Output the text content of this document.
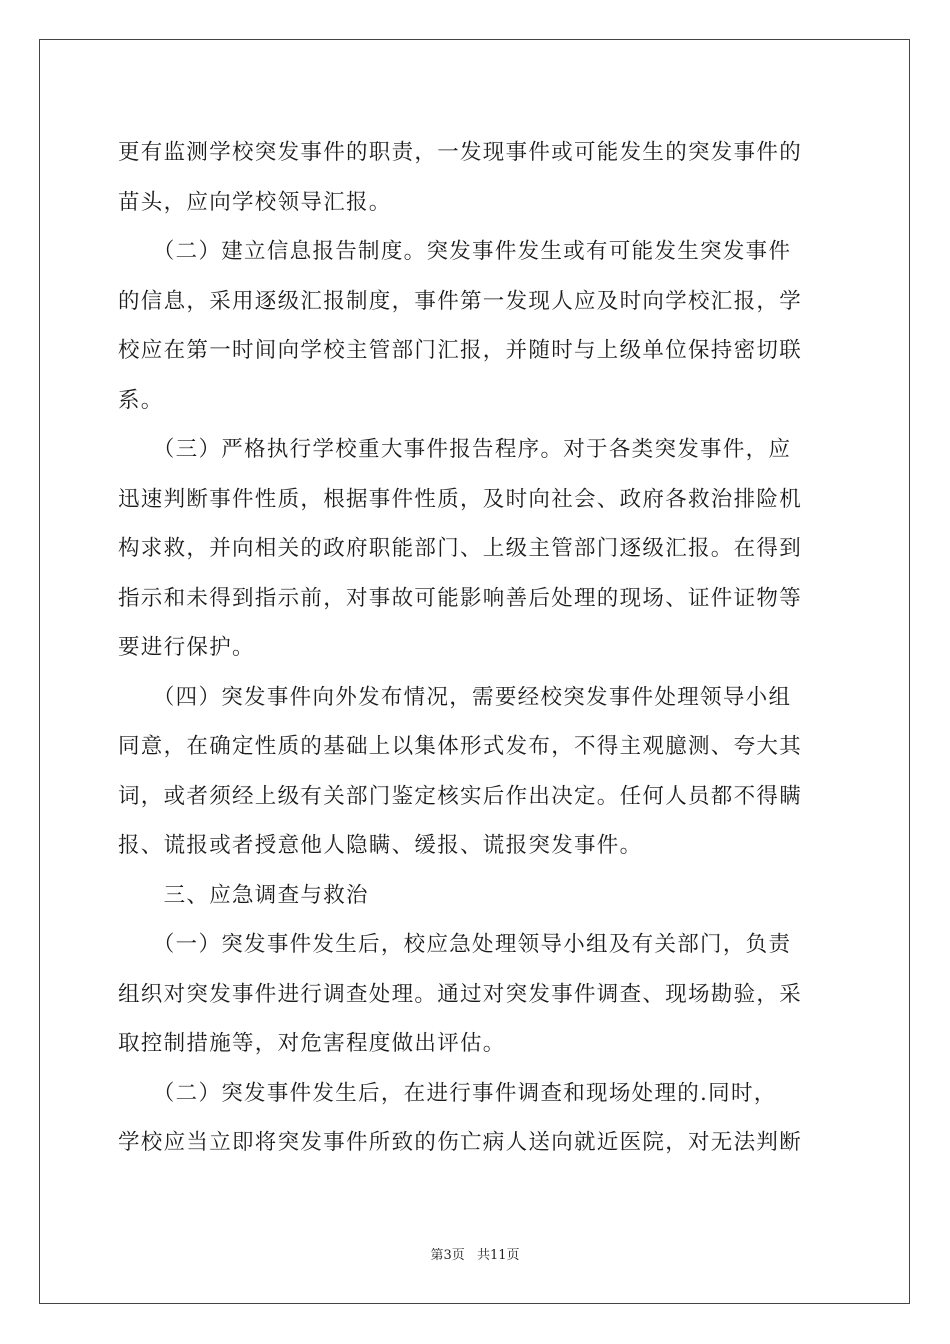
更有监测学校突发事件的职责，一发现事件或可能发生的突发事件的
苗头，应向学校领导汇报。
　　（二）建立信息报告制度。突发事件发生或有可能发生突发事件
的信息，采用逐级汇报制度，事件第一发现人应及时向学校汇报，学
校应在第一时间向学校主管部门汇报，并随时与上级单位保持密切联
系。
　　（三）严格执行学校重大事件报告程序。对于各类突发事件，应
迅速判断事件性质，根据事件性质，及时向社会、政府各救治排险机
构求救，并向相关的政府职能部门、上级主管部门逐级汇报。在得到
指示和未得到指示前，对事故可能影响善后处理的现场、证件证物等
要进行保护。
　　（四）突发事件向外发布情况，需要经校突发事件处理领导小组
同意，在确定性质的基础上以集体形式发布，不得主观臆测、夸大其
词，或者须经上级有关部门鉴定核实后作出决定。任何人员都不得瞒
报、谎报或者授意他人隐瞒、缓报、谎报突发事件。
　　三、应急调查与救治
　　（一）突发事件发生后，校应急处理领导小组及有关部门，负责
组织对突发事件进行调查处理。通过对突发事件调查、现场勘验，采
取控制措施等，对危害程度做出评估。
　　（二）突发事件发生后，在进行事件调查和现场处理的.同时，
学校应当立即将突发事件所致的伤亡病人送向就近医院，对无法判断
第3页 共11页
